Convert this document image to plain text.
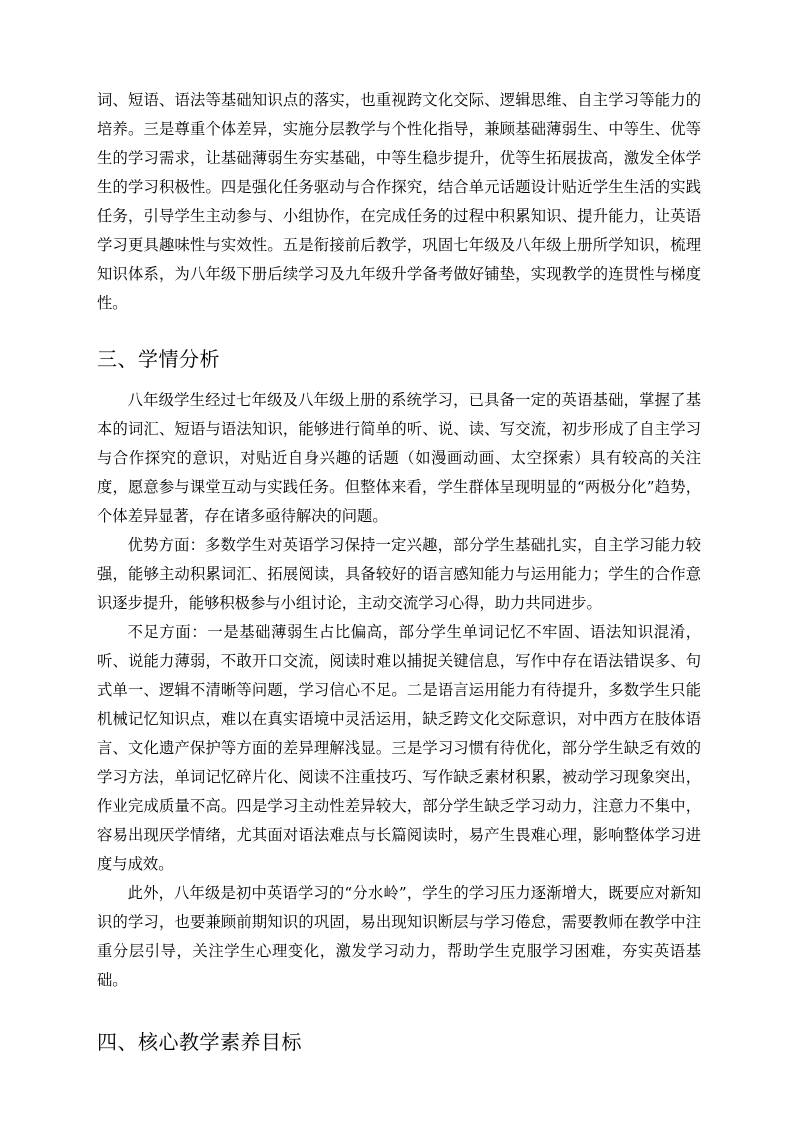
词、短语、语法等基础知识点的落实，也重视跨文化交际、逻辑思维、自主学习等能力的培养。三是尊重个体差异，实施分层教学与个性化指导，兼顾基础薄弱生、中等生、优等生的学习需求，让基础薄弱生夯实基础，中等生稳步提升，优等生拓展拔高，激发全体学生的学习积极性。四是强化任务驱动与合作探究，结合单元话题设计贴近学生生活的实践任务，引导学生主动参与、小组协作，在完成任务的过程中积累知识、提升能力，让英语学习更具趣味性与实效性。五是衔接前后教学，巩固七年级及八年级上册所学知识，梳理知识体系，为八年级下册后续学习及九年级升学备考做好铺垫，实现教学的连贯性与梯度性。

三、学情分析

八年级学生经过七年级及八年级上册的系统学习，已具备一定的英语基础，掌握了基本的词汇、短语与语法知识，能够进行简单的听、说、读、写交流，初步形成了自主学习与合作探究的意识，对贴近自身兴趣的话题（如漫画动画、太空探索）具有较高的关注度，愿意参与课堂互动与实践任务。但整体来看，学生群体呈现明显的“两极分化”趋势，个体差异显著，存在诸多亟待解决的问题。

优势方面：多数学生对英语学习保持一定兴趣，部分学生基础扎实，自主学习能力较强，能够主动积累词汇、拓展阅读，具备较好的语言感知能力与运用能力；学生的合作意识逐步提升，能够积极参与小组讨论，主动交流学习心得，助力共同进步。

不足方面：一是基础薄弱生占比偏高，部分学生单词记忆不牢固、语法知识混淆，听、说能力薄弱，不敢开口交流，阅读时难以捕捉关键信息，写作中存在语法错误多、句式单一、逻辑不清晰等问题，学习信心不足。二是语言运用能力有待提升，多数学生只能机械记忆知识点，难以在真实语境中灵活运用，缺乏跨文化交际意识，对中西方在肢体语言、文化遗产保护等方面的差异理解浅显。三是学习习惯有待优化，部分学生缺乏有效的学习方法，单词记忆碎片化、阅读不注重技巧、写作缺乏素材积累，被动学习现象突出，作业完成质量不高。四是学习主动性差异较大，部分学生缺乏学习动力，注意力不集中，容易出现厌学情绪，尤其面对语法难点与长篇阅读时，易产生畏难心理，影响整体学习进度与成效。

此外，八年级是初中英语学习的“分水岭”，学生的学习压力逐渐增大，既要应对新知识的学习，也要兼顾前期知识的巩固，易出现知识断层与学习倦怠，需要教师在教学中注重分层引导，关注学生心理变化，激发学习动力，帮助学生克服学习困难，夯实英语基础。

四、核心教学素养目标
